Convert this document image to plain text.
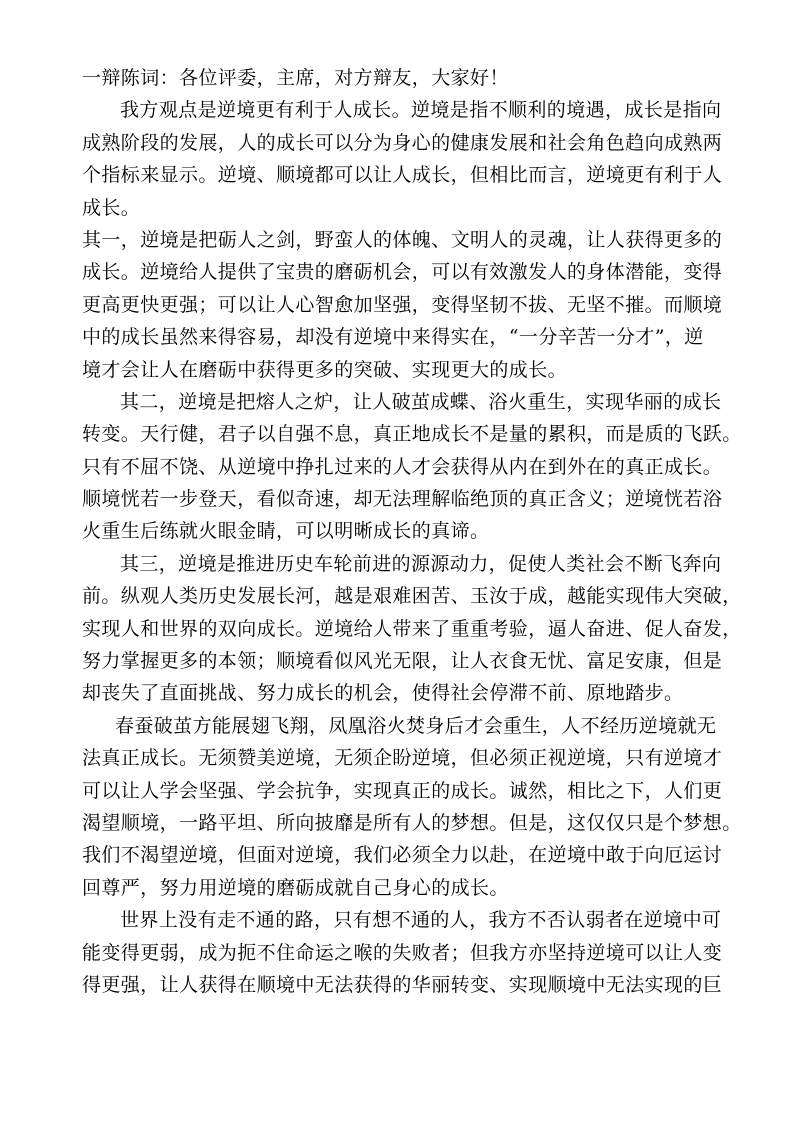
一辩陈词：各位评委，主席，对方辩友，大家好！
我方观点是逆境更有利于人成长。逆境是指不顺利的境遇，成长是指向
成熟阶段的发展，人的成长可以分为身心的健康发展和社会角色趋向成熟两
个指标来显示。逆境、顺境都可以让人成长，但相比而言，逆境更有利于人
成长。
其一，逆境是把砺人之剑，野蛮人的体魄、文明人的灵魂，让人获得更多的
成长。逆境给人提供了宝贵的磨砺机会，可以有效激发人的身体潜能，变得
更高更快更强；可以让人心智愈加坚强，变得坚韧不拔、无坚不摧。而顺境
中的成长虽然来得容易，却没有逆境中来得实在，“一分辛苦一分才”，逆
境才会让人在磨砺中获得更多的突破、实现更大的成长。
其二，逆境是把熔人之炉，让人破茧成蝶、浴火重生，实现华丽的成长
转变。天行健，君子以自强不息，真正地成长不是量的累积，而是质的飞跃。
只有不屈不饶、从逆境中挣扎过来的人才会获得从内在到外在的真正成长。
顺境恍若一步登天，看似奇速，却无法理解临绝顶的真正含义；逆境恍若浴
火重生后练就火眼金睛，可以明晰成长的真谛。
其三，逆境是推进历史车轮前进的源源动力，促使人类社会不断飞奔向
前。纵观人类历史发展长河，越是艰难困苦、玉汝于成，越能实现伟大突破，
实现人和世界的双向成长。逆境给人带来了重重考验，逼人奋进、促人奋发，
努力掌握更多的本领；顺境看似风光无限，让人衣食无忧、富足安康，但是
却丧失了直面挑战、努力成长的机会，使得社会停滞不前、原地踏步。
春蚕破茧方能展翅飞翔，凤凰浴火焚身后才会重生，人不经历逆境就无
法真正成长。无须赞美逆境，无须企盼逆境，但必须正视逆境，只有逆境才
可以让人学会坚强、学会抗争，实现真正的成长。诚然，相比之下，人们更
渴望顺境，一路平坦、所向披靡是所有人的梦想。但是，这仅仅只是个梦想。
我们不渴望逆境，但面对逆境，我们必须全力以赴，在逆境中敢于向厄运讨
回尊严，努力用逆境的磨砺成就自己身心的成长。
世界上没有走不通的路，只有想不通的人，我方不否认弱者在逆境中可
能变得更弱，成为扼不住命运之喉的失败者；但我方亦坚持逆境可以让人变
得更强，让人获得在顺境中无法获得的华丽转变、实现顺境中无法实现的巨
